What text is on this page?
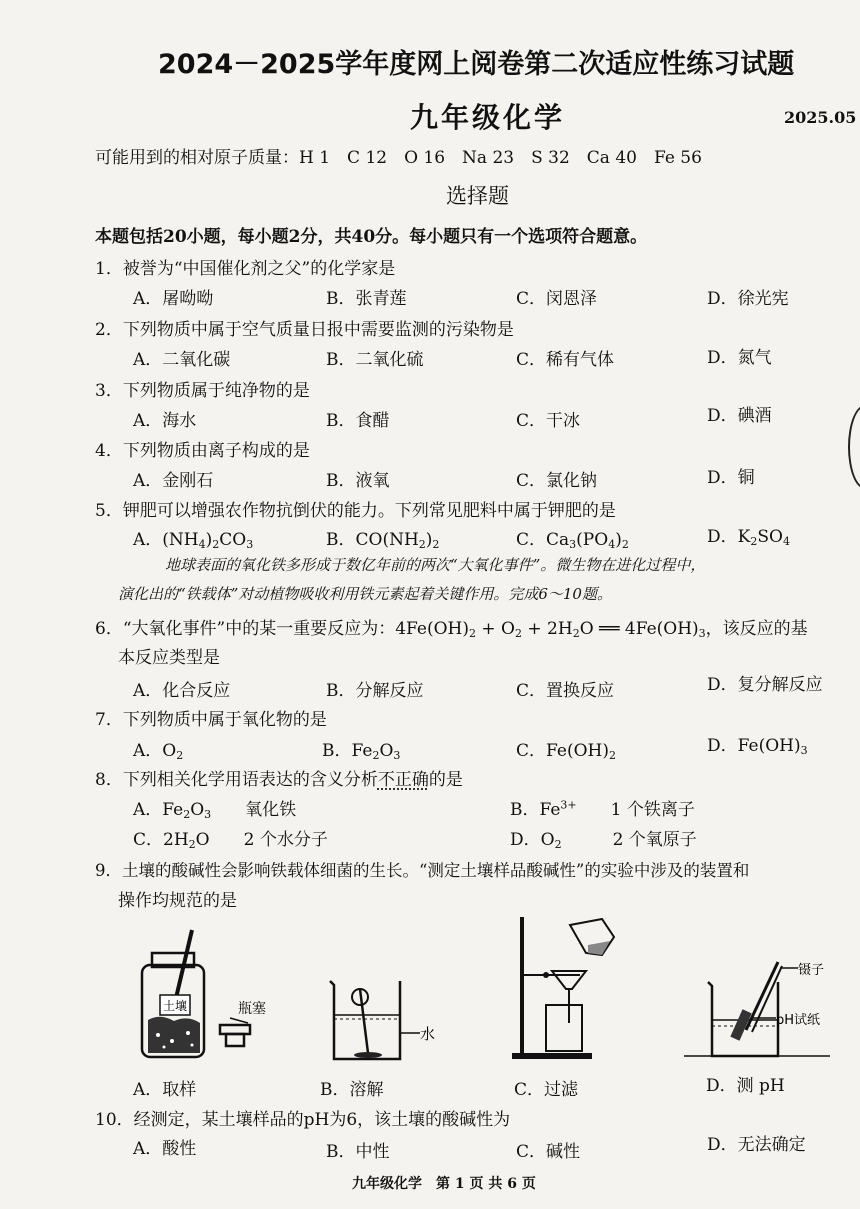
2024－2025学年度网上阅卷第二次适应性练习试题
九年级化学	2025.05
可能用到的相对原子质量：H 1　C 12　O 16　Na 23　S 32　Ca 40　Fe 56
选择题
本题包括20小题，每小题2分，共40分。每小题只有一个选项符合题意。
1．被誉为“中国催化剂之父”的化学家是
A．屠呦呦	B．张青莲	C．闵恩泽	D．徐光宪
2．下列物质中属于空气质量日报中需要监测的污染物是
A．二氧化碳	B．二氧化硫	C．稀有气体	D．氮气
3．下列物质属于纯净物的是
A．海水	B．食醋	C．干冰	D．碘酒
4．下列物质由离子构成的是
A．金刚石	B．液氧	C．氯化钠	D．铜
5．钾肥可以增强农作物抗倒伏的能力。下列常见肥料中属于钾肥的是
A．$(NH_4)_2CO_3$	B．$CO(NH_2)_2$	C．$Ca_3(PO_4)_2$	D．$K_2SO_4$
地球表面的氧化铁多形成于数亿年前的两次“大氧化事件”。微生物在进化过程中，
演化出的“铁载体”对动植物吸收利用铁元素起着关键作用。完成6～10题。
6．“大氧化事件”中的某一重要反应为：$4Fe(OH)_2 + O_2 + 2H_2O$ ══ $4Fe(OH)_3$，该反应的基
本反应类型是
A．化合反应	B．分解反应	C．置换反应	D．复分解反应
7．下列物质中属于氧化物的是
A．$O_2$	B．$Fe_2O_3$	C．$Fe(OH)_2$	D．$Fe(OH)_3$
8．下列相关化学用语表达的含义分析不正确的是
A．$Fe_2O_3$　　 氧化铁	B．$Fe^{3+}$　　 1 个铁离子
C．$2H_2O$　　2 个水分子	D．$O_2$　　　	2 个氧原子
9．土壤的酸碱性会影响铁载体细菌的生长。“测定土壤样品酸碱性”的实验中涉及的装置和
操作均规范的是
土壤	瓶塞
水
镊子
pH试纸
A．取样	B．溶解	C．过滤	D．测 pH
10．经测定，某土壤样品的pH为6，该土壤的酸碱性为
A．酸性	B．中性	C．碱性	D．无法确定
九年级化学　第 1 页 共 6 页
